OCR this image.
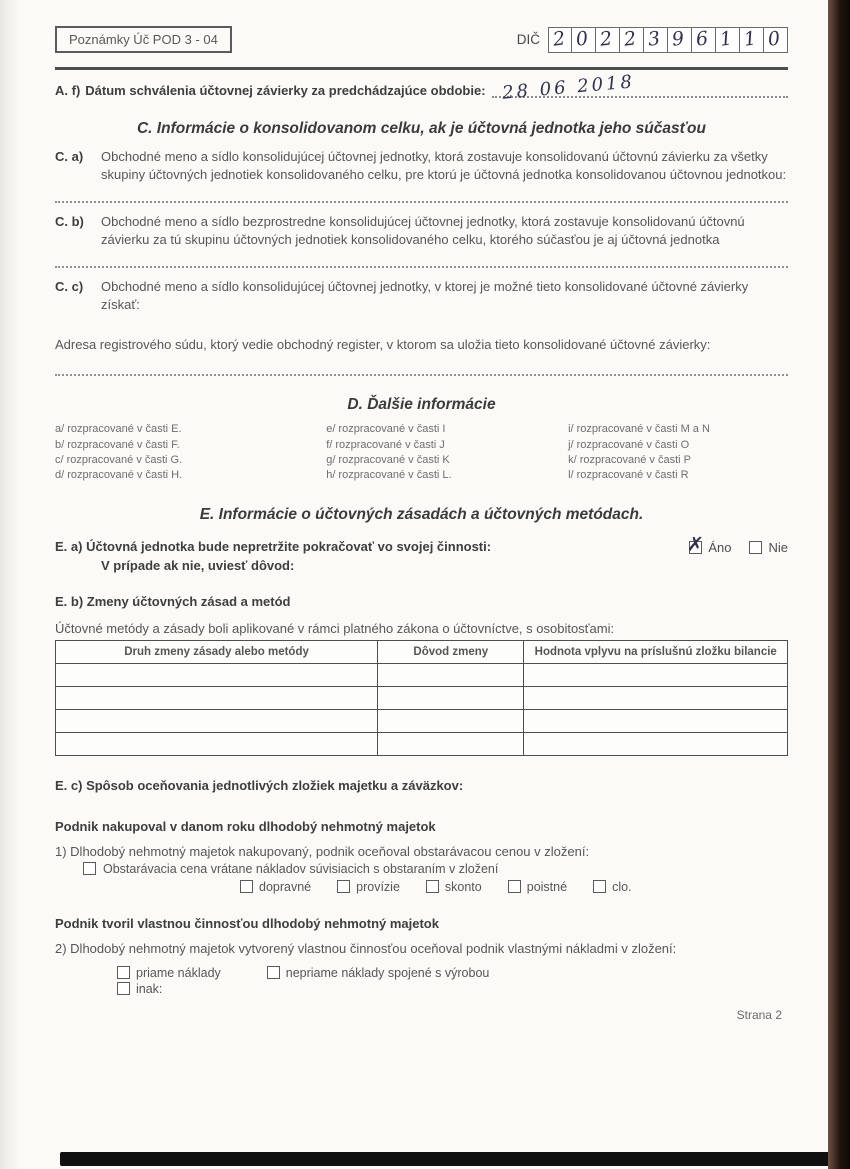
Poznámky Úč POD 3 - 04	DIČ 2 0 2 2 3 9 6 1 1 0
A. f) Dátum schválenia účtovnej závierky za predchádzajúce obdobie: 28 06 2018
C. Informácie o konsolidovanom celku, ak je účtovná jednotka jeho súčasťou
C. a)	Obchodné meno a sídlo konsolidujúcej účtovnej jednotky, ktorá zostavuje konsolidovanú účtovnú závierku za všetky skupiny účtovných jednotiek konsolidovaného celku, pre ktorú je účtovná jednotka konsolidovanou účtovnou jednotkou:
C. b)	Obchodné meno a sídlo bezprostredne konsolidujúcej účtovnej jednotky, ktorá zostavuje konsolidovanú účtovnú závierku za tú skupinu účtovných jednotiek konsolidovaného celku, ktorého súčasťou je aj účtovná jednotka
C. c)	Obchodné meno a sídlo konsolidujúcej účtovnej jednotky, v ktorej je možné tieto konsolidované účtovné závierky získať:
Adresa registrového súdu, ktorý vedie obchodný register, v ktorom sa uložia tieto konsolidované účtovné závierky:
D. Ďalšie informácie
a/ rozpracované v časti E.
b/ rozpracované v časti F.
c/ rozpracované v časti G.
d/ rozpracované v časti H.
e/ rozpracované v časti I
f/ rozpracované v časti J
g/ rozpracované v časti K
h/ rozpracované v časti L.
i/ rozpracované v časti M a N
j/ rozpracované v časti O
k/ rozpracované v časti P
l/ rozpracované v časti R
E. Informácie o účtovných zásadách a účtovných metódach.
E. a) Účtovná jednotka bude nepretržite pokračovať vo svojej činnosti:
V prípade ak nie, uviesť dôvod:
✗ Áno	Nie
E. b) Zmeny účtovných zásad a metód
Účtovné metódy a zásady boli aplikované v rámci platného zákona o účtovníctve, s osobitosťami:
Druh zmeny zásady alebo metódy	Dôvod zmeny	Hodnota vplyvu na príslušnú zložku bilancie

E. c) Spôsob oceňovania jednotlivých zložiek majetku a záväzkov:
Podnik nakupoval v danom roku dlhodobý nehmotný majetok
1) Dlhodobý nehmotný majetok nakupovaný, podnik oceňoval obstarávacou cenou v zložení:
Obstarávacia cena vrátane nákladov súvisiacich s obstaraním v zložení
dopravné	provízie	skonto	poistné	clo.
Podnik tvoril vlastnou činnosťou dlhodobý nehmotný majetok
2) Dlhodobý nehmotný majetok vytvorený vlastnou činnosťou oceňoval podnik vlastnými nákladmi v zložení:
priame náklady	nepriame náklady spojené s výrobou
inak:
Strana 2
